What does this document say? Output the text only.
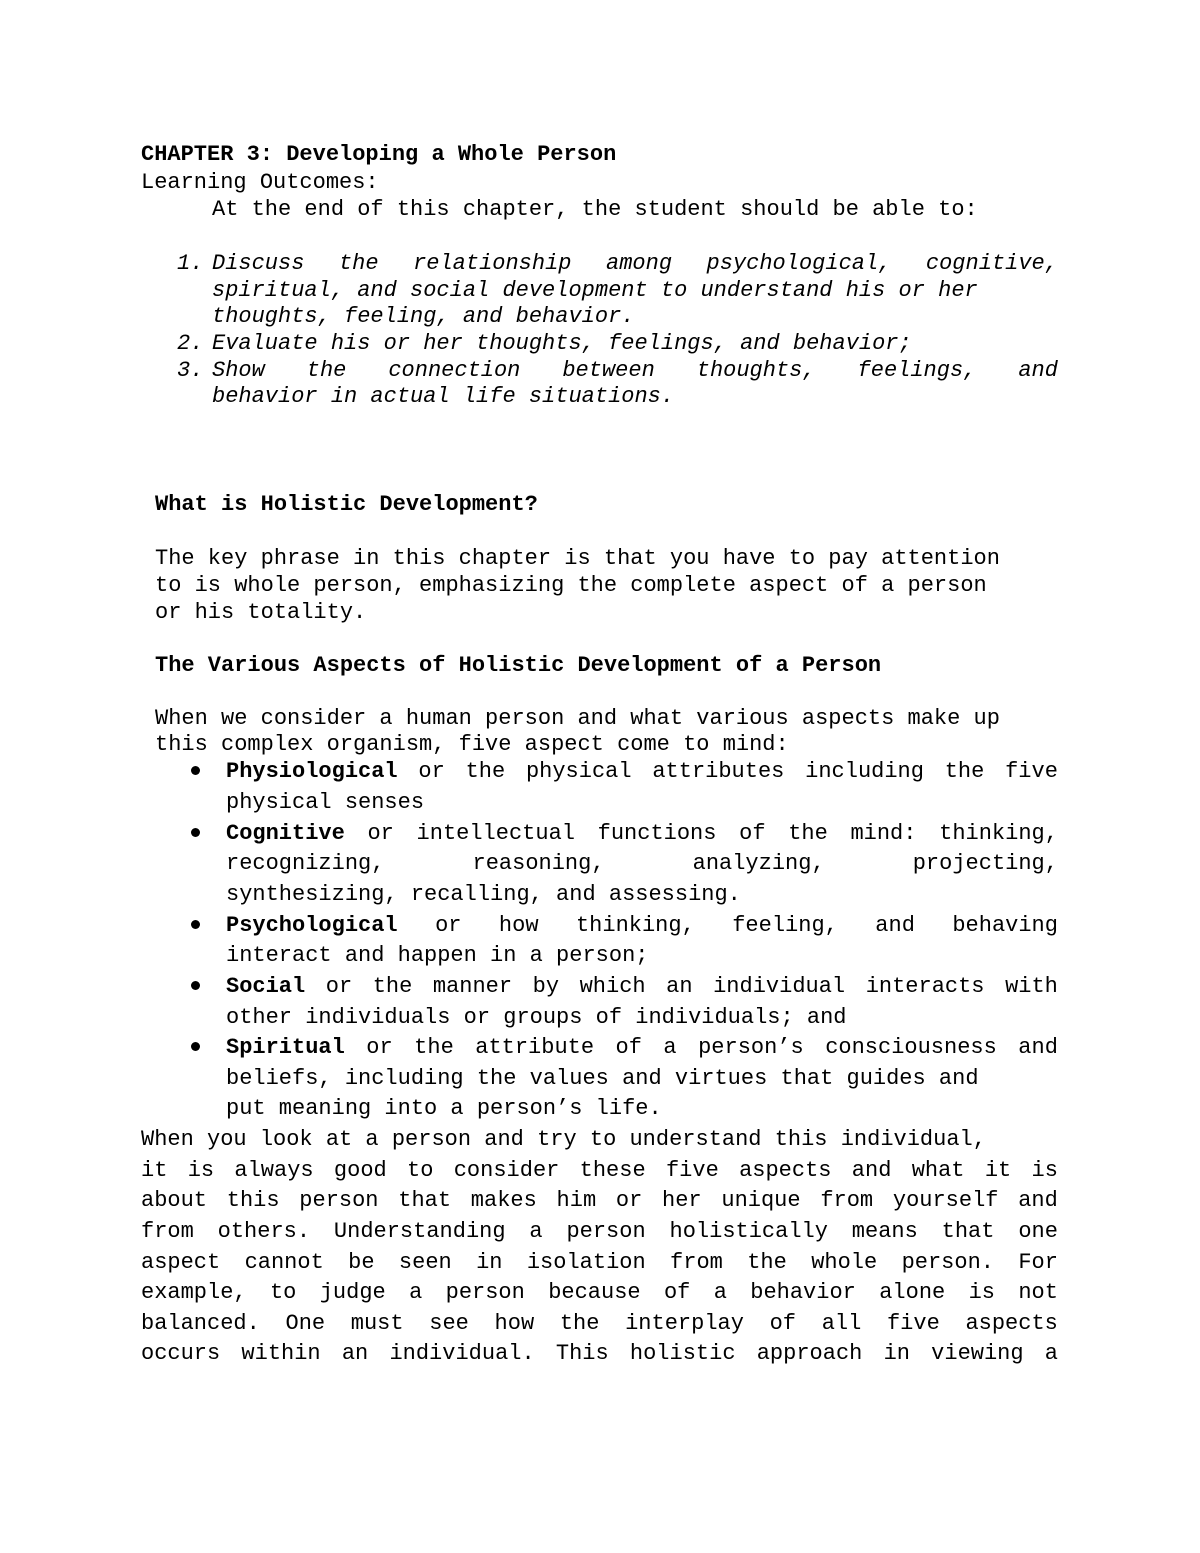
CHAPTER 3: Developing a Whole Person
Learning Outcomes:
At the end of this chapter, the student should be able to:
1. Discuss the relationship among psychological, cognitive,
spiritual, and social development to understand his or her
thoughts, feeling, and behavior.
2. Evaluate his or her thoughts, feelings, and behavior;
3. Show the connection between thoughts, feelings, and
behavior in actual life situations.
What is Holistic Development?
The key phrase in this chapter is that you have to pay attention
to is whole person, emphasizing the complete aspect of a person
or his totality.
The Various Aspects of Holistic Development of a Person
When we consider a human person and what various aspects make up
this complex organism, five aspect come to mind:
Physiological or the physical attributes including the five
physical senses
Cognitive or intellectual functions of the mind: thinking,
recognizing,	reasoning,	analyzing,	projecting,
synthesizing, recalling, and assessing.
Psychological or how thinking, feeling, and behaving
interact and happen in a person;
Social or the manner by which an individual interacts with
other individuals or groups of individuals; and
Spiritual or the attribute of a person’s consciousness and
beliefs, including the values and virtues that guides and
put meaning into a person’s life.
When you look at a person and try to understand this individual,
it is always good to consider these five aspects and what it is
about this person that makes him or her unique from yourself and
from others. Understanding a person holistically means that one
aspect cannot be seen in isolation from the whole person. For
example, to judge a person because of a behavior alone is not
balanced. One must see how the interplay of all five aspects
occurs within an individual. This holistic approach in viewing a
